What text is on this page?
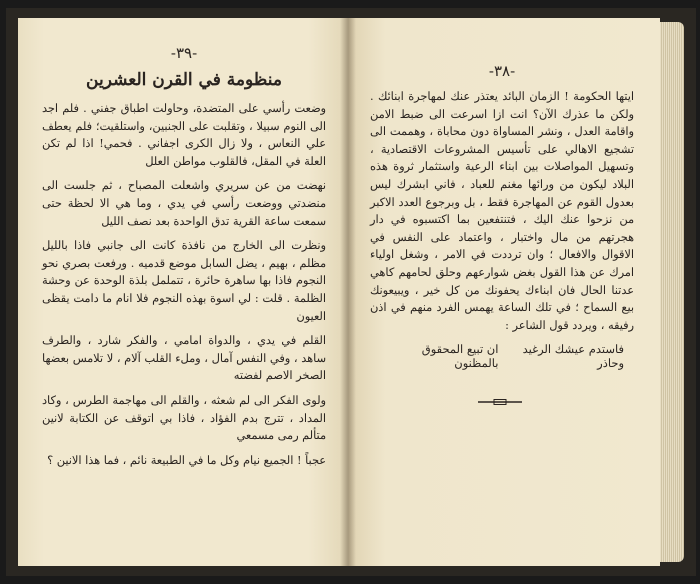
-٣٩-
منظومة في القرن العشرين

وضعت رأسي على المتضدة، وحاولت اطباق جفني . فلم اجد الى النوم سبيلا ، وتقلبت على الجنبين، واستلقيت؛ فلم يعطف علي النعاس ، ولا زال الكرى اجفاني . فحمي! اذا لم تكن العلة في المقل، فالقلوب مواطن العلل

نهضت من عن سريري واشعلت المصباح ، ثم جلست الى منضدتي ووضعت رأسي في يدي ، وما هي الا لحظة حتى سمعت ساعة القرية تدق الواحدة بعد نصف الليل

ونظرت الى الخارج من نافذة كانت الى جانبي فاذا بالليل مظلم ، بهيم ، يضل السابل موضع قدميه . ورفعت بصري نحو النجوم فاذا بها ساهرة حائرة ، تتململ بلذة الوحدة عن وحشة الظلمة . قلت : لي اسوة بهذه النجوم فلا انام ما دامت يقظى العيون

القلم في يدي ، والدواة امامي ، والفكر شارد ، والطرف ساهد ، وفي النفس آمال ، وملء القلب آلام ، لا تلامس بعضها الصخر الاصم لفضته

ولوى الفكر الى لم شعثه ، والقلم الى مهاجمة الطرس ، وكاد المداد ، تترج بدم الفؤاد ، فاذا بي اتوقف عن الكتابة لانين متألم رمى مسمعي

عجباً ! الجميع نيام وكل ما في الطبيعة نائم ، فما هذا الانين ؟

-٣٨-

ايتها الحكومة ! الزمان البائد يعتذر عنك لمهاجرة ابنائك . ولكن ما عذرك الآن؟ انت ازا اسرعت الى ضبط الامن واقامة العدل ، ونشر المساواة دون محاباة ، وهممت الى تشجيع الاهالي على تأسيس المشروعات الاقتصادية ، وتسهيل المواصلات بين ابناء الرعية واستثمار ثروة هذه البلاد ليكون من ورائها مغنم للعباد ، فاني ابشرك ليس بعدول القوم عن المهاجرة فقط ، بل وبرجوع العدد الاكبر من نزحوا عنك اليك ، فتنتفعين بما اكتسبوه في دار هجرتهم من مال واختبار ، واعتماد على النفس في الاقوال والافعال ؛ وان ترددت في الامر ، وشغل اولياء امرك عن هذا القول بغض شوارعهم وحلق لحامهم كاهي عدتنا الحال فان ابناءك يحفونك من كل خير ، ويبيعونك بيع السماح ؛ في تلك الساعة يهمس الفرد منهم في اذن رفيقه ، ويردد قول الشاعر :

فاستدم عيشك الرغيد وحاذر
ان تبيع المحقوق بالمظنون
